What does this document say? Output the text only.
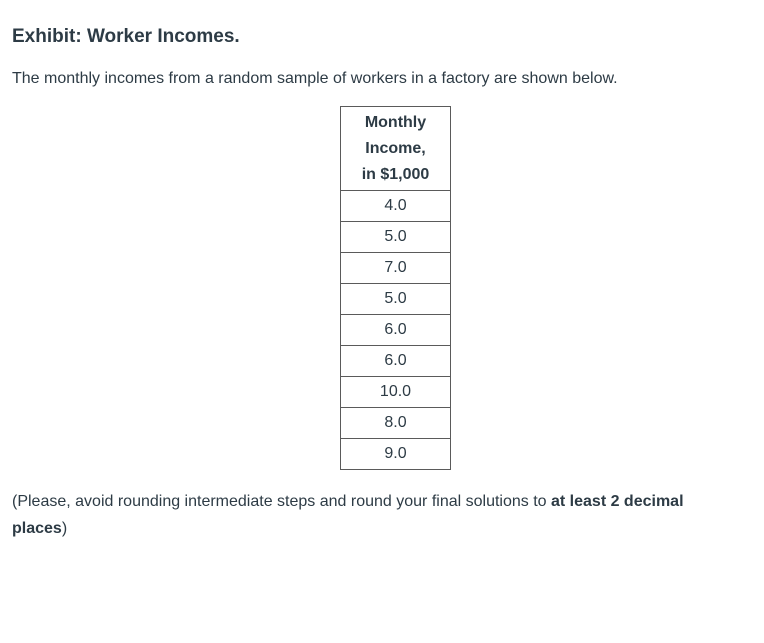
Exhibit: Worker Incomes.

The monthly incomes from a random sample of workers in a factory are shown below.

Monthly
Income,
in $1,000
4.0
5.0
7.0
5.0
6.0
6.0
10.0
8.0
9.0

(Please, avoid rounding intermediate steps and round your final solutions to at least 2 decimal
places)
